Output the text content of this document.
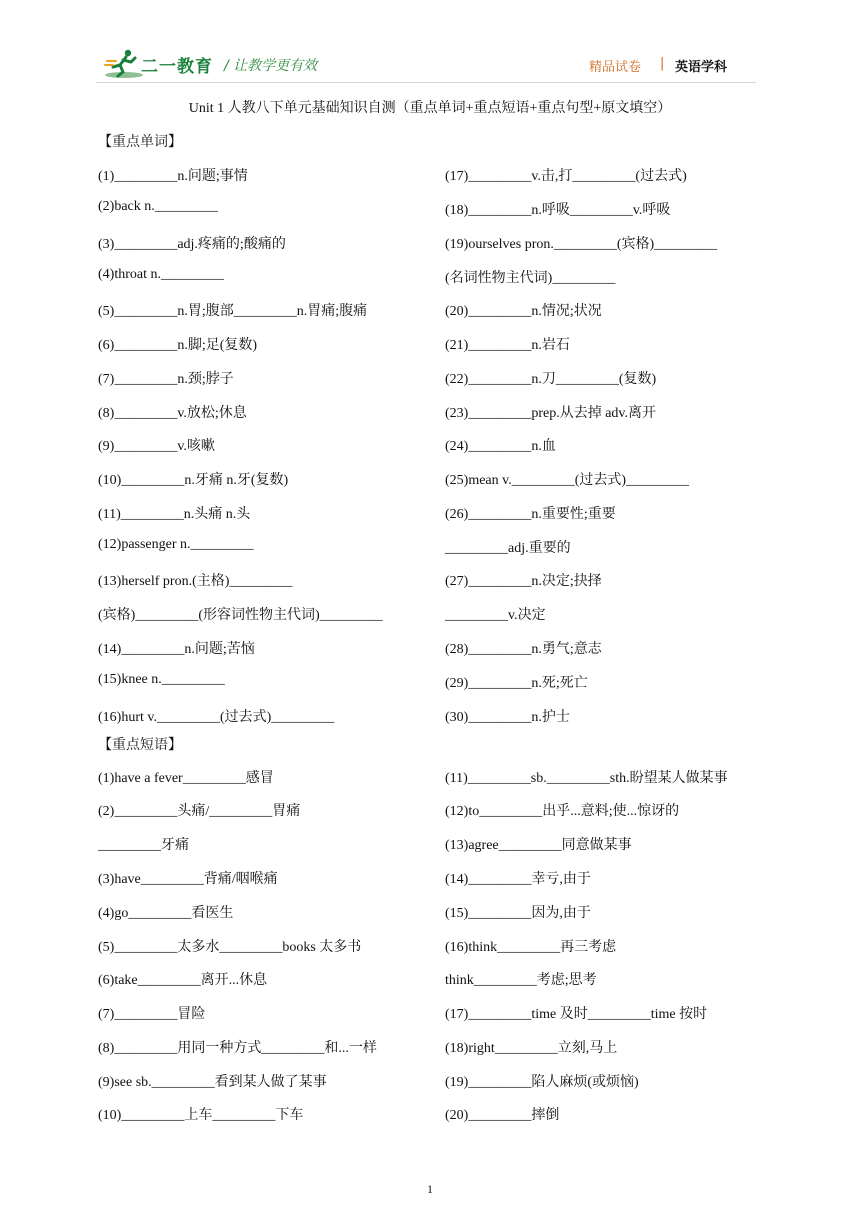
二一教育 / 让教学更有效	精品试卷 | 英语学科
Unit 1 人教八下单元基础知识自测（重点单词+重点短语+重点句型+原文填空）
【重点单词】
(1)_________n.问题;事情
(2)back n._________
(3)_________adj.疼痛的;酸痛的
(4)throat n._________
(5)_________n.胃;腹部_________n.胃痛;腹痛
(6)_________n.脚;足(复数)
(7)_________n.颈;脖子
(8)_________v.放松;休息
(9)_________v.咳嗽
(10)_________n.牙痛 n.牙(复数)
(11)_________n.头痛 n.头
(12)passenger n._________
(13)herself pron.(主格)_________
(宾格)_________(形容词性物主代词)_________
(14)_________n.问题;苦恼
(15)knee n._________
(16)hurt v._________(过去式)_________
(17)_________v.击,打_________(过去式)
(18)_________n.呼吸_________v.呼吸
(19)ourselves pron._________(宾格)_________
(名词性物主代词)_________
(20)_________n.情况;状况
(21)_________n.岩石
(22)_________n.刀_________(复数)
(23)_________prep.从去掉 adv.离开
(24)_________n.血
(25)mean v._________(过去式)_________
(26)_________n.重要性;重要
_________adj.重要的
(27)_________n.决定;抉择
_________v.决定
(28)_________n.勇气;意志
(29)_________n.死;死亡
(30)_________n.护士
【重点短语】
(1)have a fever_________感冒
(2)_________头痛/_________胃痛
_________牙痛
(3)have_________背痛/咽喉痛
(4)go_________看医生
(5)_________太多水_________books 太多书
(6)take_________离开...休息
(7)_________冒险
(8)_________用同一种方式_________和...一样
(9)see sb._________看到某人做了某事
(10)_________上车_________下车
(11)_________sb._________sth.盼望某人做某事
(12)to_________出乎...意料;使...惊讶的
(13)agree_________同意做某事
(14)_________幸亏,由于
(15)_________因为,由于
(16)think_________再三考虑
think_________考虑;思考
(17)_________time 及时_________time 按时
(18)right_________立刻,马上
(19)_________陷人麻烦(或烦恼)
(20)_________摔倒
1
